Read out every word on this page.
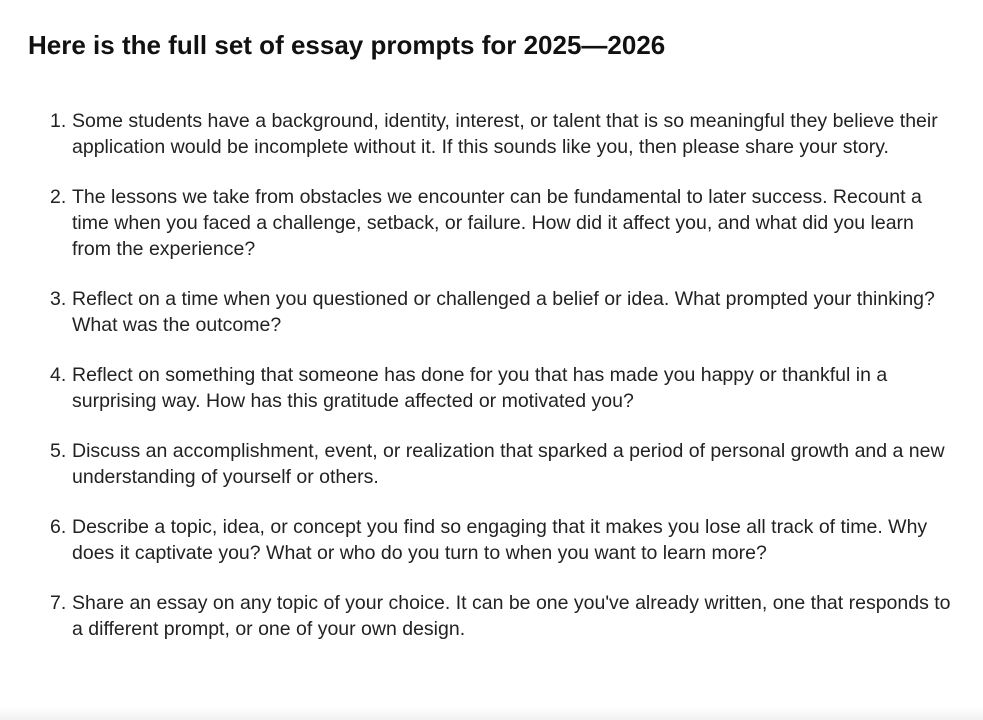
Here is the full set of essay prompts for 2025—2026
1. Some students have a background, identity, interest, or talent that is so meaningful they believe their application would be incomplete without it. If this sounds like you, then please share your story.
2. The lessons we take from obstacles we encounter can be fundamental to later success. Recount a time when you faced a challenge, setback, or failure. How did it affect you, and what did you learn from the experience?
3. Reflect on a time when you questioned or challenged a belief or idea. What prompted your thinking? What was the outcome?
4. Reflect on something that someone has done for you that has made you happy or thankful in a surprising way. How has this gratitude affected or motivated you?
5. Discuss an accomplishment, event, or realization that sparked a period of personal growth and a new understanding of yourself or others.
6. Describe a topic, idea, or concept you find so engaging that it makes you lose all track of time. Why does it captivate you? What or who do you turn to when you want to learn more?
7. Share an essay on any topic of your choice. It can be one you've already written, one that responds to a different prompt, or one of your own design.
